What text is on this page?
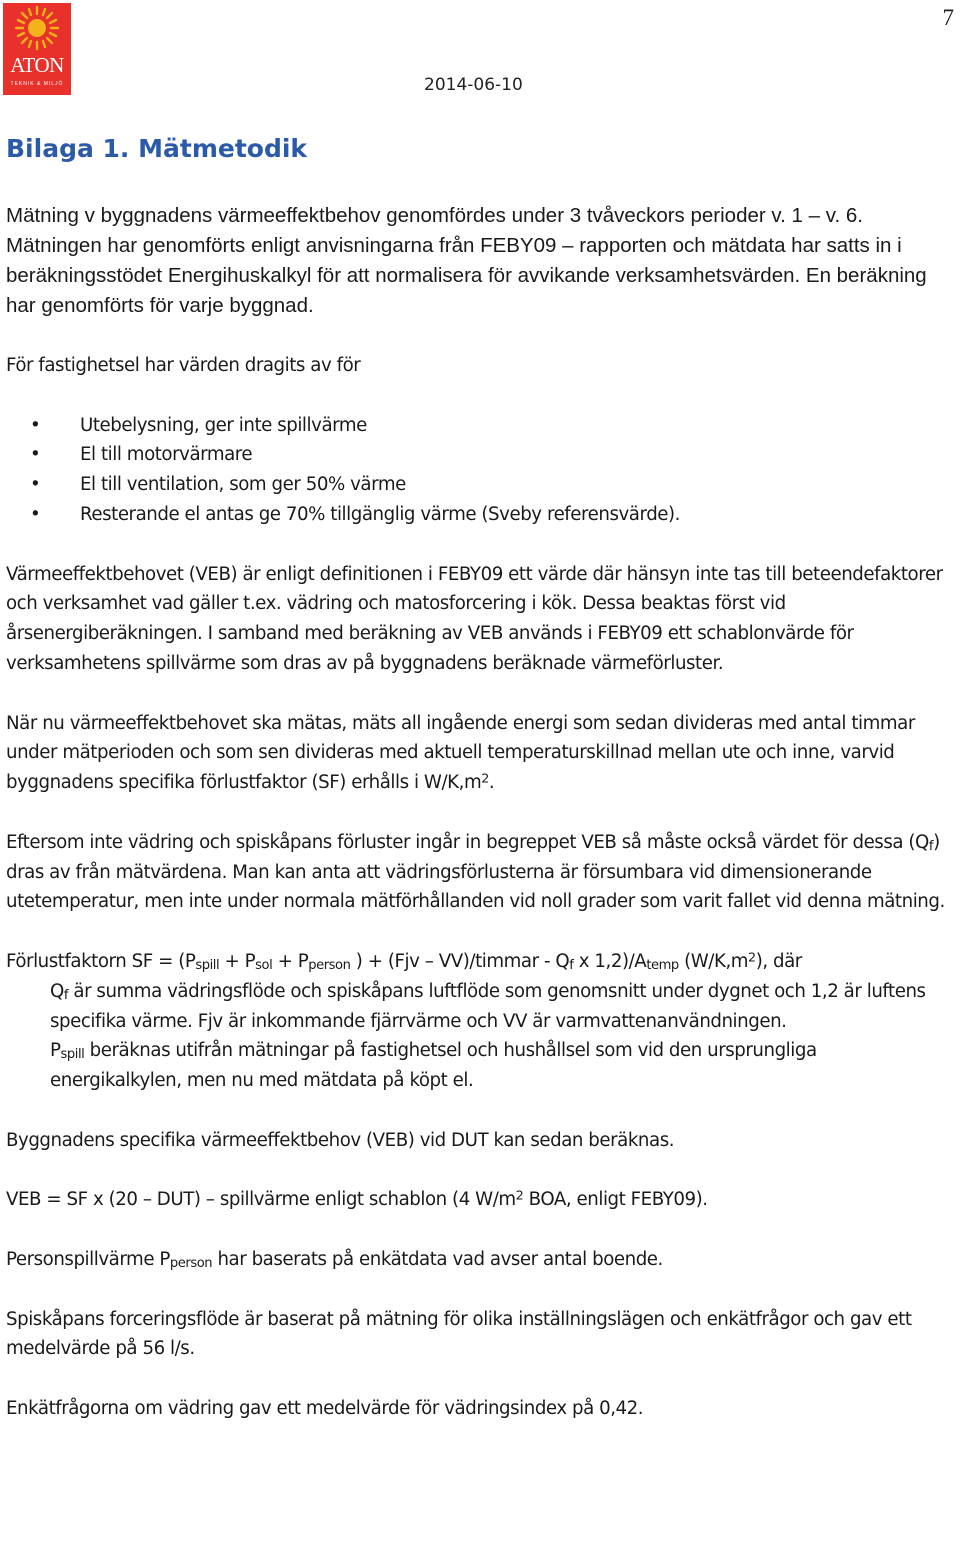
ATON
TEKNIK & MILJÖ
7
2014-06-10
Bilaga 1. Mätmetodik

Mätning v byggnadens värmeeffektbehov genomfördes under 3 tvåveckors perioder v. 1 – v. 6. Mätningen har genomförts enligt anvisningarna från FEBY09 – rapporten och mätdata har satts in i beräkningsstödet Energihuskalkyl för att normalisera för avvikande verksamhetsvärden. En beräkning har genomförts för varje byggnad.

För fastighetsel har värden dragits av för

• Utebelysning, ger inte spillvärme
• El till motorvärmare
• El till ventilation, som ger 50% värme
• Resterande el antas ge 70% tillgänglig värme (Sveby referensvärde).

Värmeeffektbehovet (VEB) är enligt definitionen i FEBY09 ett värde där hänsyn inte tas till beteendefaktorer och verksamhet vad gäller t.ex. vädring och matosforcering i kök. Dessa beaktas först vid årsenergiberäkningen. I samband med beräkning av VEB används i FEBY09 ett schablonvärde för verksamhetens spillvärme som dras av på byggnadens beräknade värmeförluster.

När nu värmeeffektbehovet ska mätas, mäts all ingående energi som sedan divideras med antal timmar under mätperioden och som sen divideras med aktuell temperaturskillnad mellan ute och inne, varvid byggnadens specifika förlustfaktor (SF) erhålls i $W/K,m^2$.

Eftersom inte vädring och spiskåpans förluster ingår in begreppet VEB så måste också värdet för dessa (Qf) dras av från mätvärdena. Man kan anta att vädringsförlusterna är försumbara vid dimensionerande utetemperatur, men inte under normala mätförhållanden vid noll grader som varit fallet vid denna mätning.

Förlustfaktorn SF = (Pspill + Psol + Pperson ) + (Fjv – VV)/timmar - Qf x 1,2)/Atemp $(W/K,m^2)$, där

Qf är summa vädringsflöde och spiskåpans luftflöde som genomsnitt under dygnet och 1,2 är luftens specifika värme. Fjv är inkommande fjärrvärme och VV är varmvattenanvändningen.

Pspill beräknas utifrån mätningar på fastighetsel och hushållsel som vid den ursprungliga energikalkylen, men nu med mätdata på köpt el.

Byggnadens specifika värmeeffektbehov (VEB) vid DUT kan sedan beräknas.

VEB = SF x (20 – DUT) – spillvärme enligt schablon (4 $W/m^2$ BOA, enligt FEBY09).

Personspillvärme Pperson har baserats på enkätdata vad avser antal boende.

Spiskåpans forceringsflöde är baserat på mätning för olika inställningslägen och enkätfrågor och gav ett medelvärde på 56 l/s.

Enkätfrågorna om vädring gav ett medelvärde för vädringsindex på 0,42.
